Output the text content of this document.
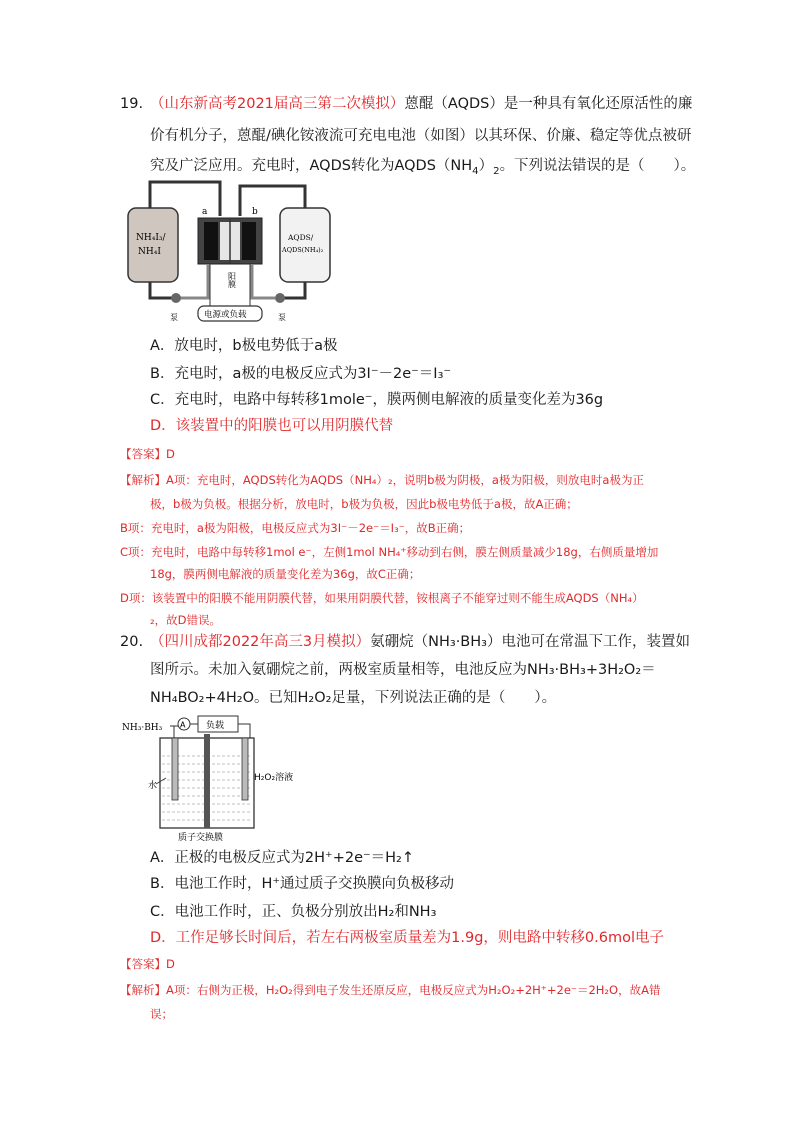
19. （山东新高考2021届高三第二次模拟）蒽醌（AQDS）是一种具有氧化还原活性的廉
价有机分子，蒽醌/碘化铵液流可充电电池（如图）以其环保、价廉、稳定等优点被研
究及广泛应用。充电时，AQDS转化为$AQDS(NH_4)_2$。下列说法错误的是（　　）。
NH₄I₃/
NH₄I
AQDS/
AQDS(NH₄)₂
a	b
阳膜
泵	泵
电源或负载
A．放电时，b极电势低于a极
B．充电时，a极的电极反应式为3I⁻－2e⁻＝I₃⁻
C．充电时，电路中每转移1mole⁻，膜两侧电解液的质量变化差为36g
D．该装置中的阳膜也可以用阴膜代替
【答案】D
【解析】A项：充电时，AQDS转化为AQDS（NH₄）₂，说明b极为阴极，a极为阳极，则放电时a极为正
极，b极为负极。根据分析，放电时，b极为负极，因此b极电势低于a极，故A正确；
B项：充电时，a极为阳极，电极反应式为3I⁻－2e⁻＝I₃⁻，故B正确；
C项：充电时，电路中每转移1mol e⁻，左侧1mol NH₄⁺移动到右侧，膜左侧质量减少18g，右侧质量增加
18g，膜两侧电解液的质量变化差为36g，故C正确；
D项：该装置中的阳膜不能用阴膜代替，如果用阴膜代替，铵根离子不能穿过则不能生成AQDS（NH₄）
₂，故D错误。
20. （四川成都2022年高三3月模拟）氨硼烷（NH₃·BH₃）电池可在常温下工作，装置如
图所示。未加入氨硼烷之前，两极室质量相等，电池反应为NH₃·BH₃+3H₂O₂＝
NH₄BO₂+4H₂O。已知H₂O₂足量，下列说法正确的是（　　）。
NH₃·BH₃ A 负载
水
H₂O₂溶液
质子交换膜
A．正极的电极反应式为2H⁺+2e⁻＝H₂↑
B．电池工作时，H⁺通过质子交换膜向负极移动
C．电池工作时，正、负极分别放出H₂和NH₃
D．工作足够长时间后，若左右两极室质量差为1.9g，则电路中转移0.6mol电子
【答案】D
【解析】A项：右侧为正极，H₂O₂得到电子发生还原反应，电极反应式为H₂O₂+2H⁺+2e⁻＝2H₂O，故A错
误；
